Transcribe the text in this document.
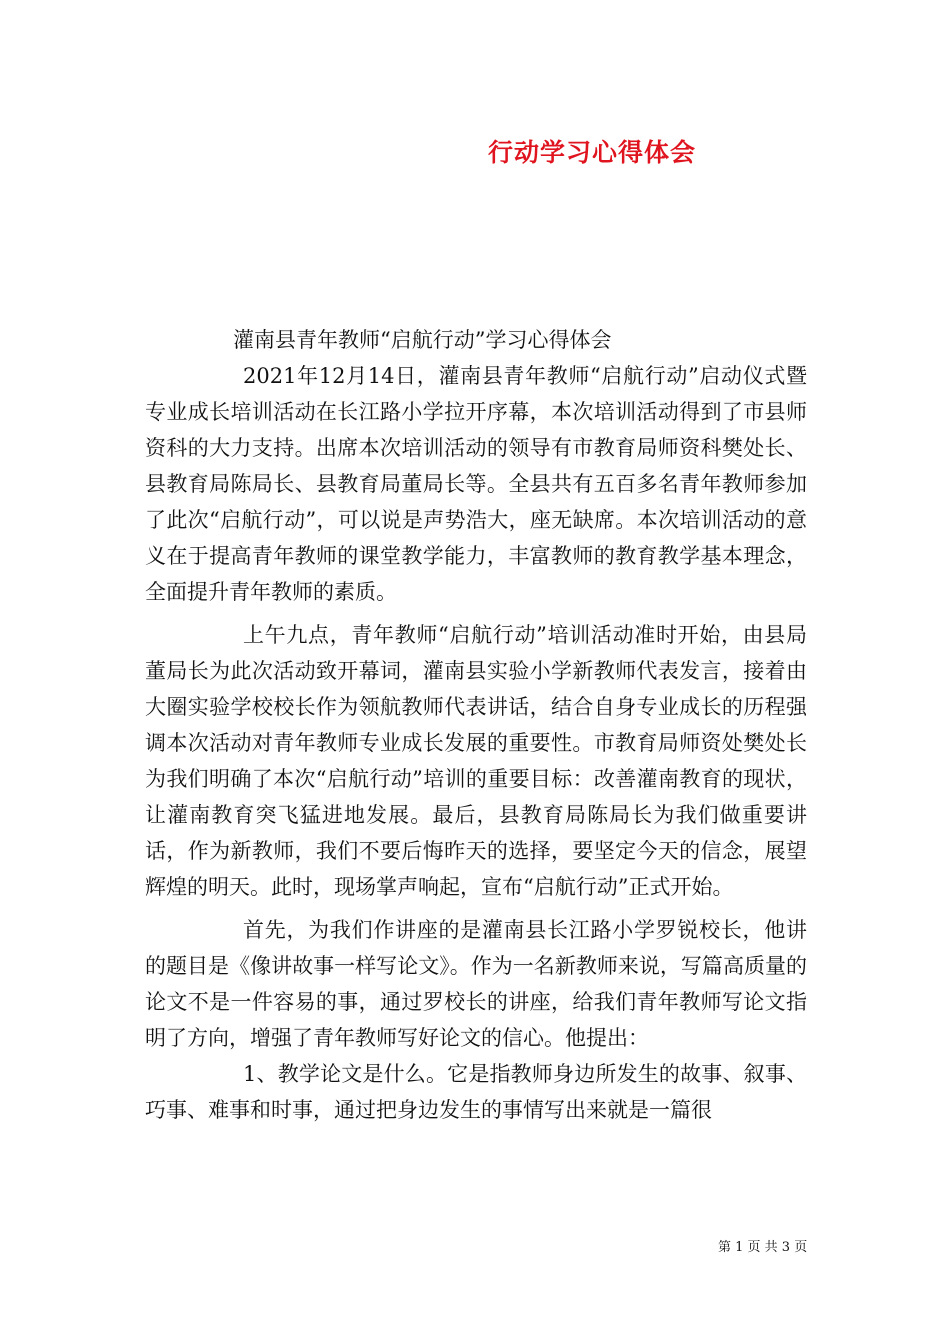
行动学习心得体会

灌南县青年教师“启航行动”学习心得体会

2021年12月14日，灌南县青年教师“启航行动”启动仪式暨专业成长培训活动在长江路小学拉开序幕，本次培训活动得到了市县师资科的大力支持。出席本次培训活动的领导有市教育局师资科樊处长、县教育局陈局长、县教育局董局长等。全县共有五百多名青年教师参加了此次“启航行动”，可以说是声势浩大，座无缺席。本次培训活动的意义在于提高青年教师的课堂教学能力，丰富教师的教育教学基本理念，全面提升青年教师的素质。

上午九点，青年教师“启航行动”培训活动准时开始，由县局董局长为此次活动致开幕词，灌南县实验小学新教师代表发言，接着由大圈实验学校校长作为领航教师代表讲话，结合自身专业成长的历程强调本次活动对青年教师专业成长发展的重要性。市教育局师资处樊处长为我们明确了本次“启航行动”培训的重要目标：改善灌南教育的现状，让灌南教育突飞猛进地发展。最后，县教育局陈局长为我们做重要讲话，作为新教师，我们不要后悔昨天的选择，要坚定今天的信念，展望辉煌的明天。此时，现场掌声响起，宣布“启航行动”正式开始。

首先，为我们作讲座的是灌南县长江路小学罗锐校长，他讲的题目是《像讲故事一样写论文》。作为一名新教师来说，写篇高质量的论文不是一件容易的事，通过罗校长的讲座，给我们青年教师写论文指明了方向，增强了青年教师写好论文的信心。他提出：

1、教学论文是什么。它是指教师身边所发生的故事、叙事、巧事、难事和时事，通过把身边发生的事情写出来就是一篇很

第 1 页 共 3 页
